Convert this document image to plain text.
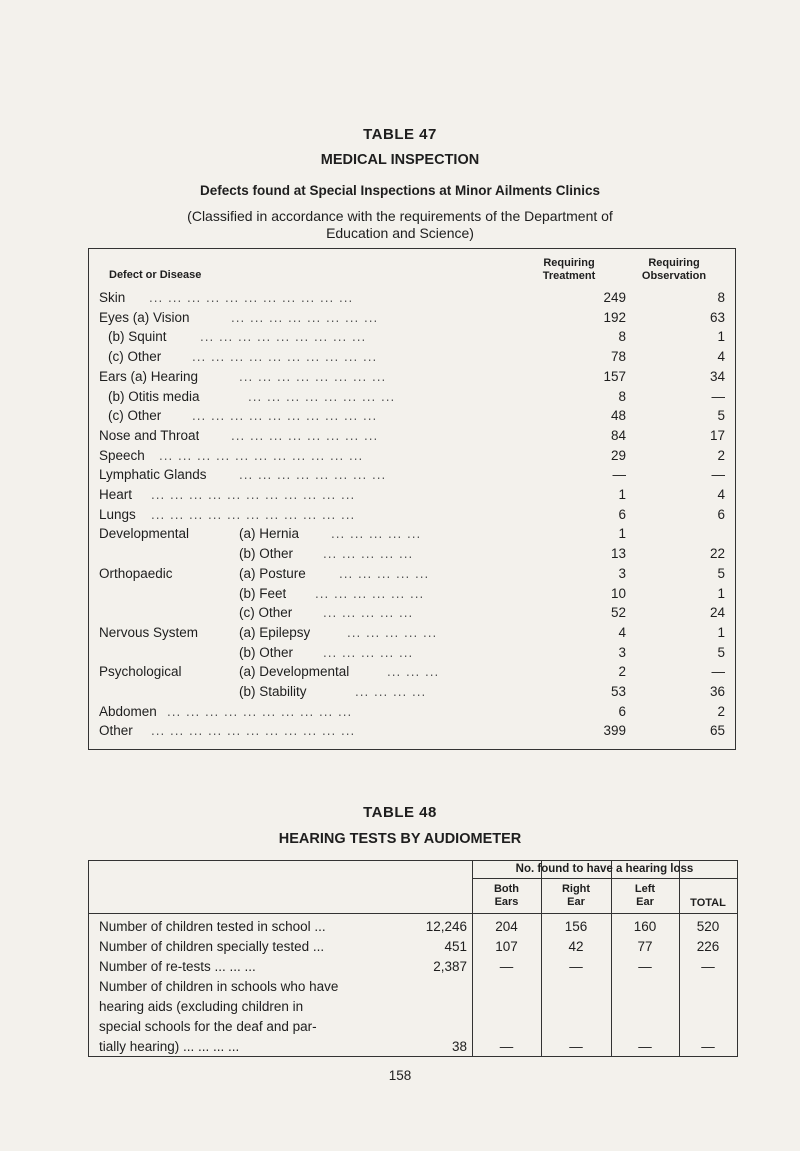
TABLE 47
MEDICAL INSPECTION
Defects found at Special Inspections at Minor Ailments Clinics
(Classified in accordance with the requirements of the Department of
Education and Science)
Defect or Disease
Requiring
Treatment
Requiring
Observation
Skin ... ... ... ... ... ... ... ... ... ... ...	249	8
Eyes (a) Vision	... ... ... ... ... ... ... ...	192	63
(b) Squint ... ... ... ... ... ... ... ... ...	8	1
(c) Other ... ... ... ... ... ... ... ... ... ...	78	4
Ears (a) Hearing	... ... ... ... ... ... ... ...	157	34
(b) Otitis media	... ... ... ... ... ... ... ...	8	—
(c) Other ... ... ... ... ... ... ... ... ... ...	48	5
Nose and Throat ... ... ... ... ... ... ... ...	84	17
Speech ... ... ... ... ... ... ... ... ... ... ...	29	2
Lymphatic Glands ... ... ... ... ... ... ... ...	—	—
Heart ... ... ... ... ... ... ... ... ... ... ...	1	4
Lungs ... ... ... ... ... ... ... ... ... ... ...	6	6
Developmental	(a) Hernia ... ... ... ... ...	1
(b) Other ... ... ... ... ...	13	22
Orthopaedic	(a) Posture ... ... ... ... ...	3	5
(b) Feet ... ... ... ... ... ...	10	1
(c) Other ... ... ... ... ...	52	24
Nervous System	(a) Epilepsy	... ... ... ... ...	4	1
(b) Other ... ... ... ... ...	3	5
Psychological	(a) Developmental	... ... ...	2	—
(b) Stability	... ... ... ...	53	36
Abdomen ... ... ... ... ... ... ... ... ... ...	6	2
Other ... ... ... ... ... ... ... ... ... ... ...	399	65
TABLE 48
HEARING TESTS BY AUDIOMETER
No. found to have a hearing loss
Both
Ears
Right
Ear
Left
Ear	TOTAL
Number of children tested in school ...	12,246	204	156	160	520
Number of children specially tested ...	451	107	42	77	226
Number of re-tests ... ... ...	2,387	—	—	—	—
Number of children in schools who have
hearing aids (excluding children in
special schools for the deaf and par-
tially hearing) ... ... ... ...	38	—	—	—	—
158
